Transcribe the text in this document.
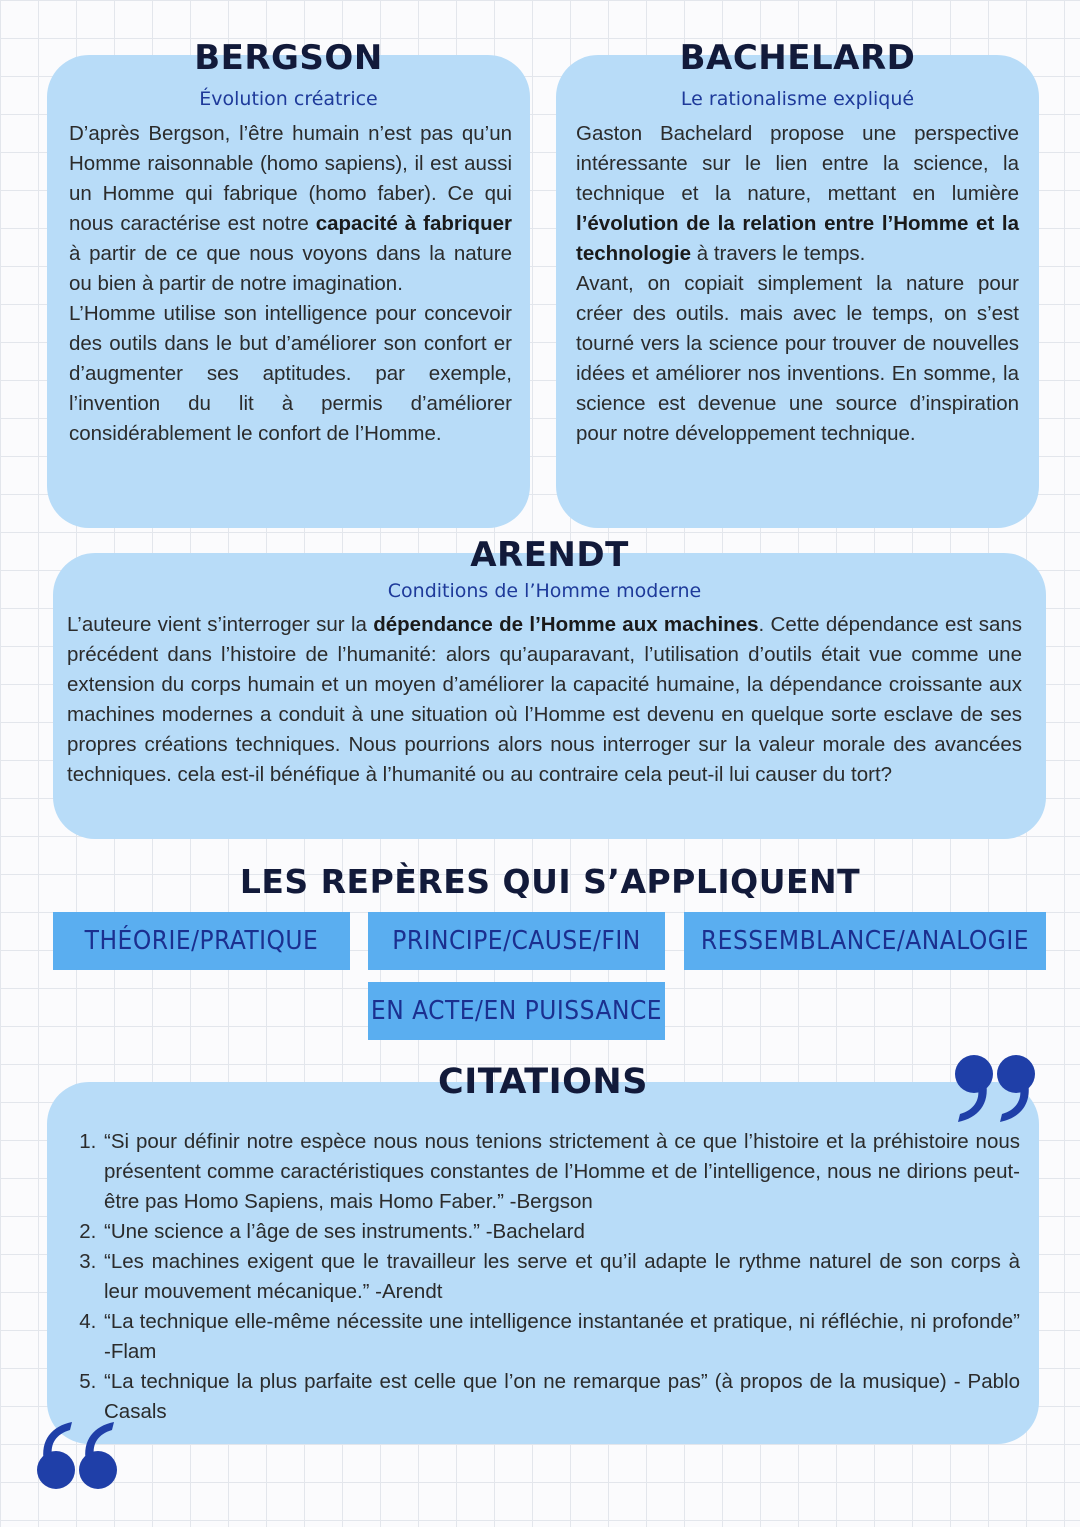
BERGSON
Évolution créatrice

D’après Bergson, l’être humain n’est pas qu’un Homme raisonnable (homo sapiens), il est aussi un Homme qui fabrique (homo faber). Ce qui nous caractérise est notre capacité à fabriquer à partir de ce que nous voyons dans la nature ou bien à partir de notre imagination.

L’Homme utilise son intelligence pour concevoir des outils dans le but d’améliorer son confort er d’augmenter ses aptitudes. par exemple, l’invention du lit à permis d’améliorer considérablement le confort de l’Homme.

BACHELARD
Le rationalisme expliqué

Gaston Bachelard propose une perspective intéressante sur le lien entre la science, la technique et la nature, mettant en lumière l’évolution de la relation entre l’Homme et la technologie à travers le temps.

Avant, on copiait simplement la nature pour créer des outils. mais avec le temps, on s’est tourné vers la science pour trouver de nouvelles idées et améliorer nos inventions. En somme, la science est devenue une source d’inspiration pour notre développement technique.

ARENDT
Conditions de l’Homme moderne

L’auteure vient s’interroger sur la dépendance de l’Homme aux machines. Cette dépendance est sans précédent dans l’histoire de l’humanité: alors qu’auparavant, l’utilisation d’outils était vue comme une extension du corps humain et un moyen d’améliorer la capacité humaine, la dépendance croissante aux machines modernes a conduit à une situation où l’Homme est devenu en quelque sorte esclave de ses propres créations techniques. Nous pourrions alors nous interroger sur la valeur morale des avancées techniques. cela est-il bénéfique à l’humanité ou au contraire cela peut-il lui causer du tort?

LES REPÈRES QUI S’APPLIQUENT
THÉORIE/PRATIQUE	PRINCIPE/CAUSE/FIN	RESSEMBLANCE/ANALOGIE
EN ACTE/EN PUISSANCE
CITATIONS
1. “Si pour définir notre espèce nous nous tenions strictement à ce que l’histoire et la préhistoire nous présentent comme caractéristiques constantes de l’Homme et de l’intelligence, nous ne dirions peut-être pas Homo Sapiens, mais Homo Faber.” -Bergson
2. “Une science a l’âge de ses instruments.” -Bachelard
3. “Les machines exigent que le travailleur les serve et qu’il adapte le rythme naturel de son corps à leur mouvement mécanique.” -Arendt
4. “La technique elle-même nécessite une intelligence instantanée et pratique, ni réfléchie, ni profonde” -Flam
5. “La technique la plus parfaite est celle que l’on ne remarque pas” (à propos de la musique) - Pablo Casals
